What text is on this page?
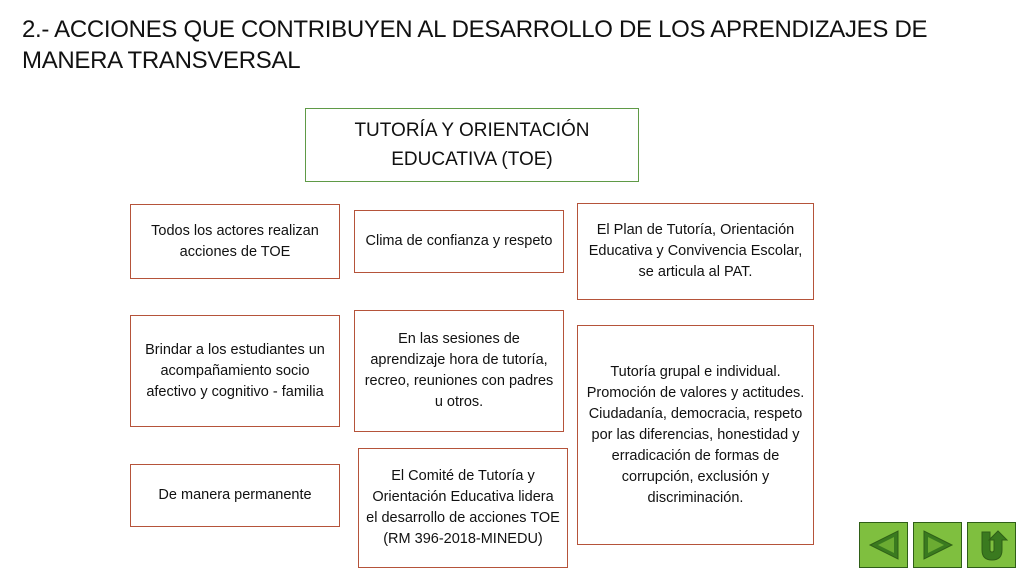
2.- ACCIONES QUE CONTRIBUYEN AL DESARROLLO DE LOS APRENDIZAJES DE MANERA TRANSVERSAL
TUTORÍA Y ORIENTACIÓN EDUCATIVA (TOE)
Todos los actores realizan acciones de TOE
Brindar a los estudiantes un acompañamiento socio afectivo y cognitivo - familia
De manera permanente
Clima de confianza y respeto
En las sesiones de aprendizaje hora de tutoría, recreo, reuniones con padres u otros.
El Comité de Tutoría y Orientación Educativa lidera el desarrollo de acciones TOE (RM 396-2018-MINEDU)
El Plan de Tutoría, Orientación Educativa y Convivencia Escolar, se articula al PAT.
Tutoría grupal e individual. Promoción de valores y actitudes. Ciudadanía, democracia, respeto por las diferencias, honestidad y erradicación de formas de corrupción, exclusión y discriminación.
